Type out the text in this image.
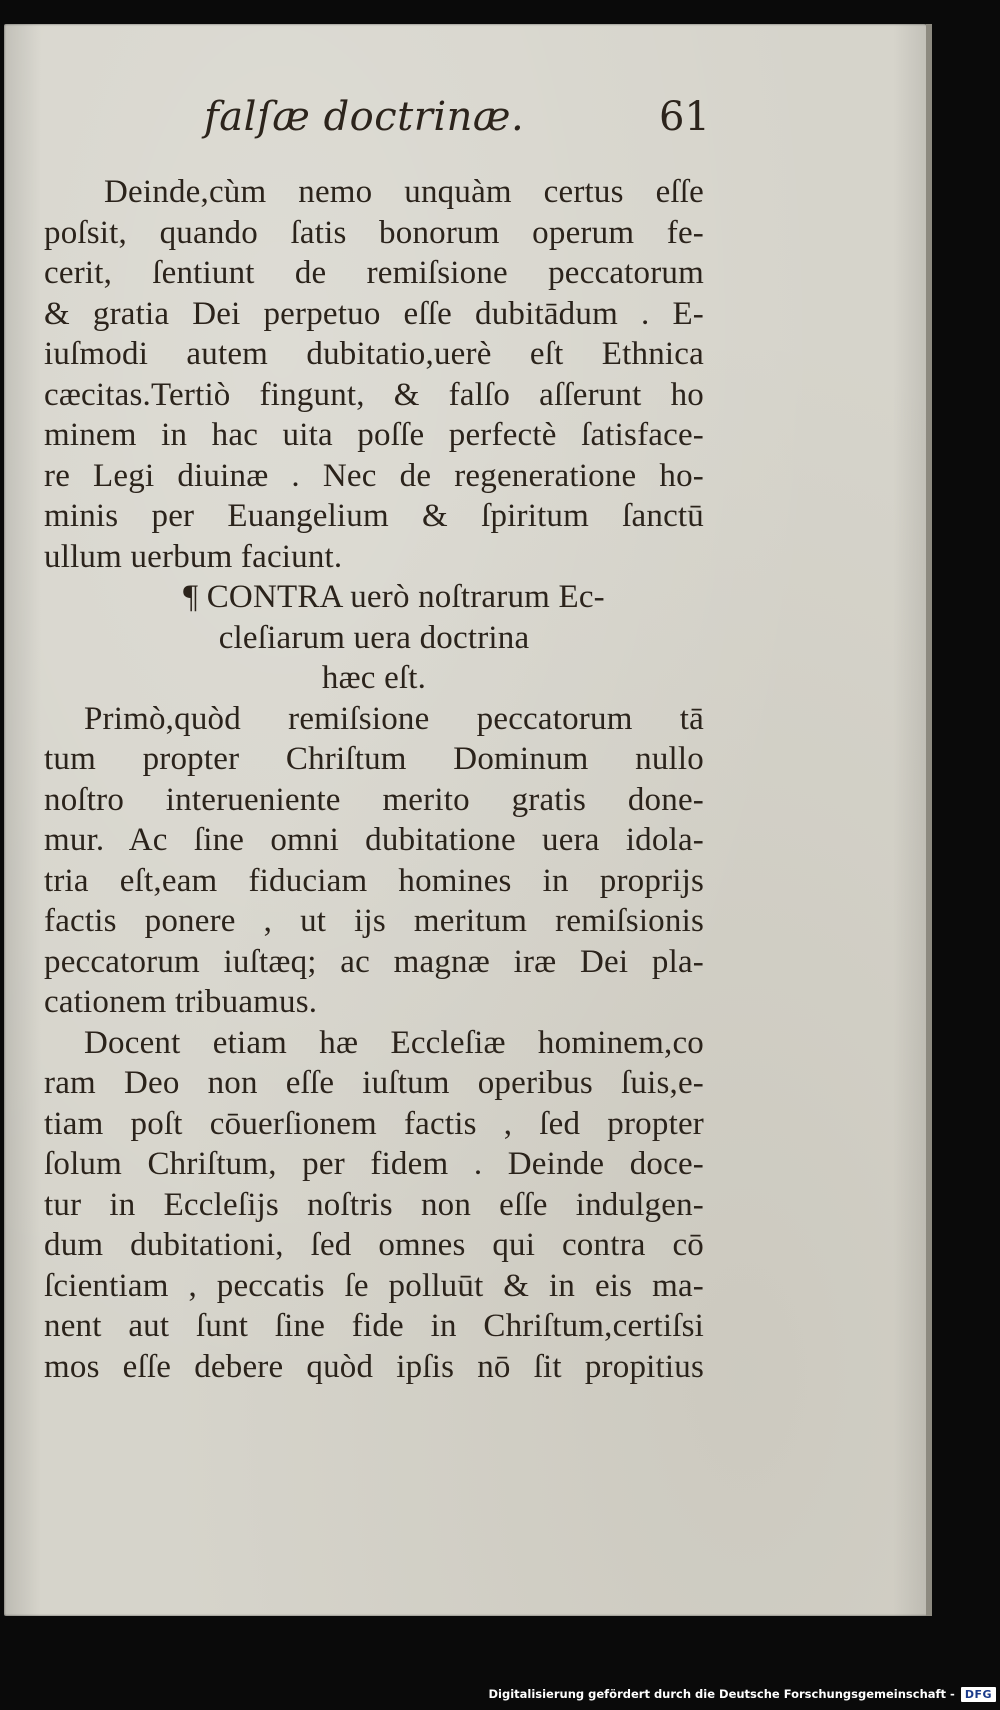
falſæ doctrinæ.	61
Deinde,cùm nemo unquàm certus eſſe
poſsit, quando ſatis bonorum operum fe-
cerit, ſentiunt de remiſsione peccatorum
& gratia Dei perpetuo eſſe dubitādum . E-
iuſmodi autem dubitatio,uerè eſt Ethnica
cæcitas.Tertiò fingunt, & falſo aſſerunt ho
minem in hac uita poſſe perfectè ſatisface-
re Legi diuinæ . Nec de regeneratione ho-
minis per Euangelium & ſpiritum ſanctū
ullum uerbum faciunt.
¶ CONTRA uerò noſtrarum Ec-
cleſiarum uera doctrina
hæc eſt.
Primò,quòd remiſsione peccatorum tā
tum propter Chriſtum Dominum nullo
noſtro interueniente merito gratis done-
mur. Ac ſine omni dubitatione uera idola-
tria eſt,eam fiduciam homines in proprijs
factis ponere , ut ijs meritum remiſsionis
peccatorum iuſtæq; ac magnæ iræ Dei pla-
cationem tribuamus.
Docent etiam hæ Eccleſiæ hominem,co
ram Deo non eſſe iuſtum operibus ſuis,e-
tiam poſt cōuerſionem factis , ſed propter
ſolum Chriſtum, per fidem . Deinde doce-
tur in Eccleſijs noſtris non eſſe indulgen-
dum dubitationi, ſed omnes qui contra cō
ſcientiam , peccatis ſe polluūt & in eis ma-
nent aut ſunt ſine fide in Chriſtum,certiſsi
mos eſſe debere quòd ipſis nō ſit propitius
Digitalisierung gefördert durch die Deutsche Forschungsgemeinschaft - DFG
